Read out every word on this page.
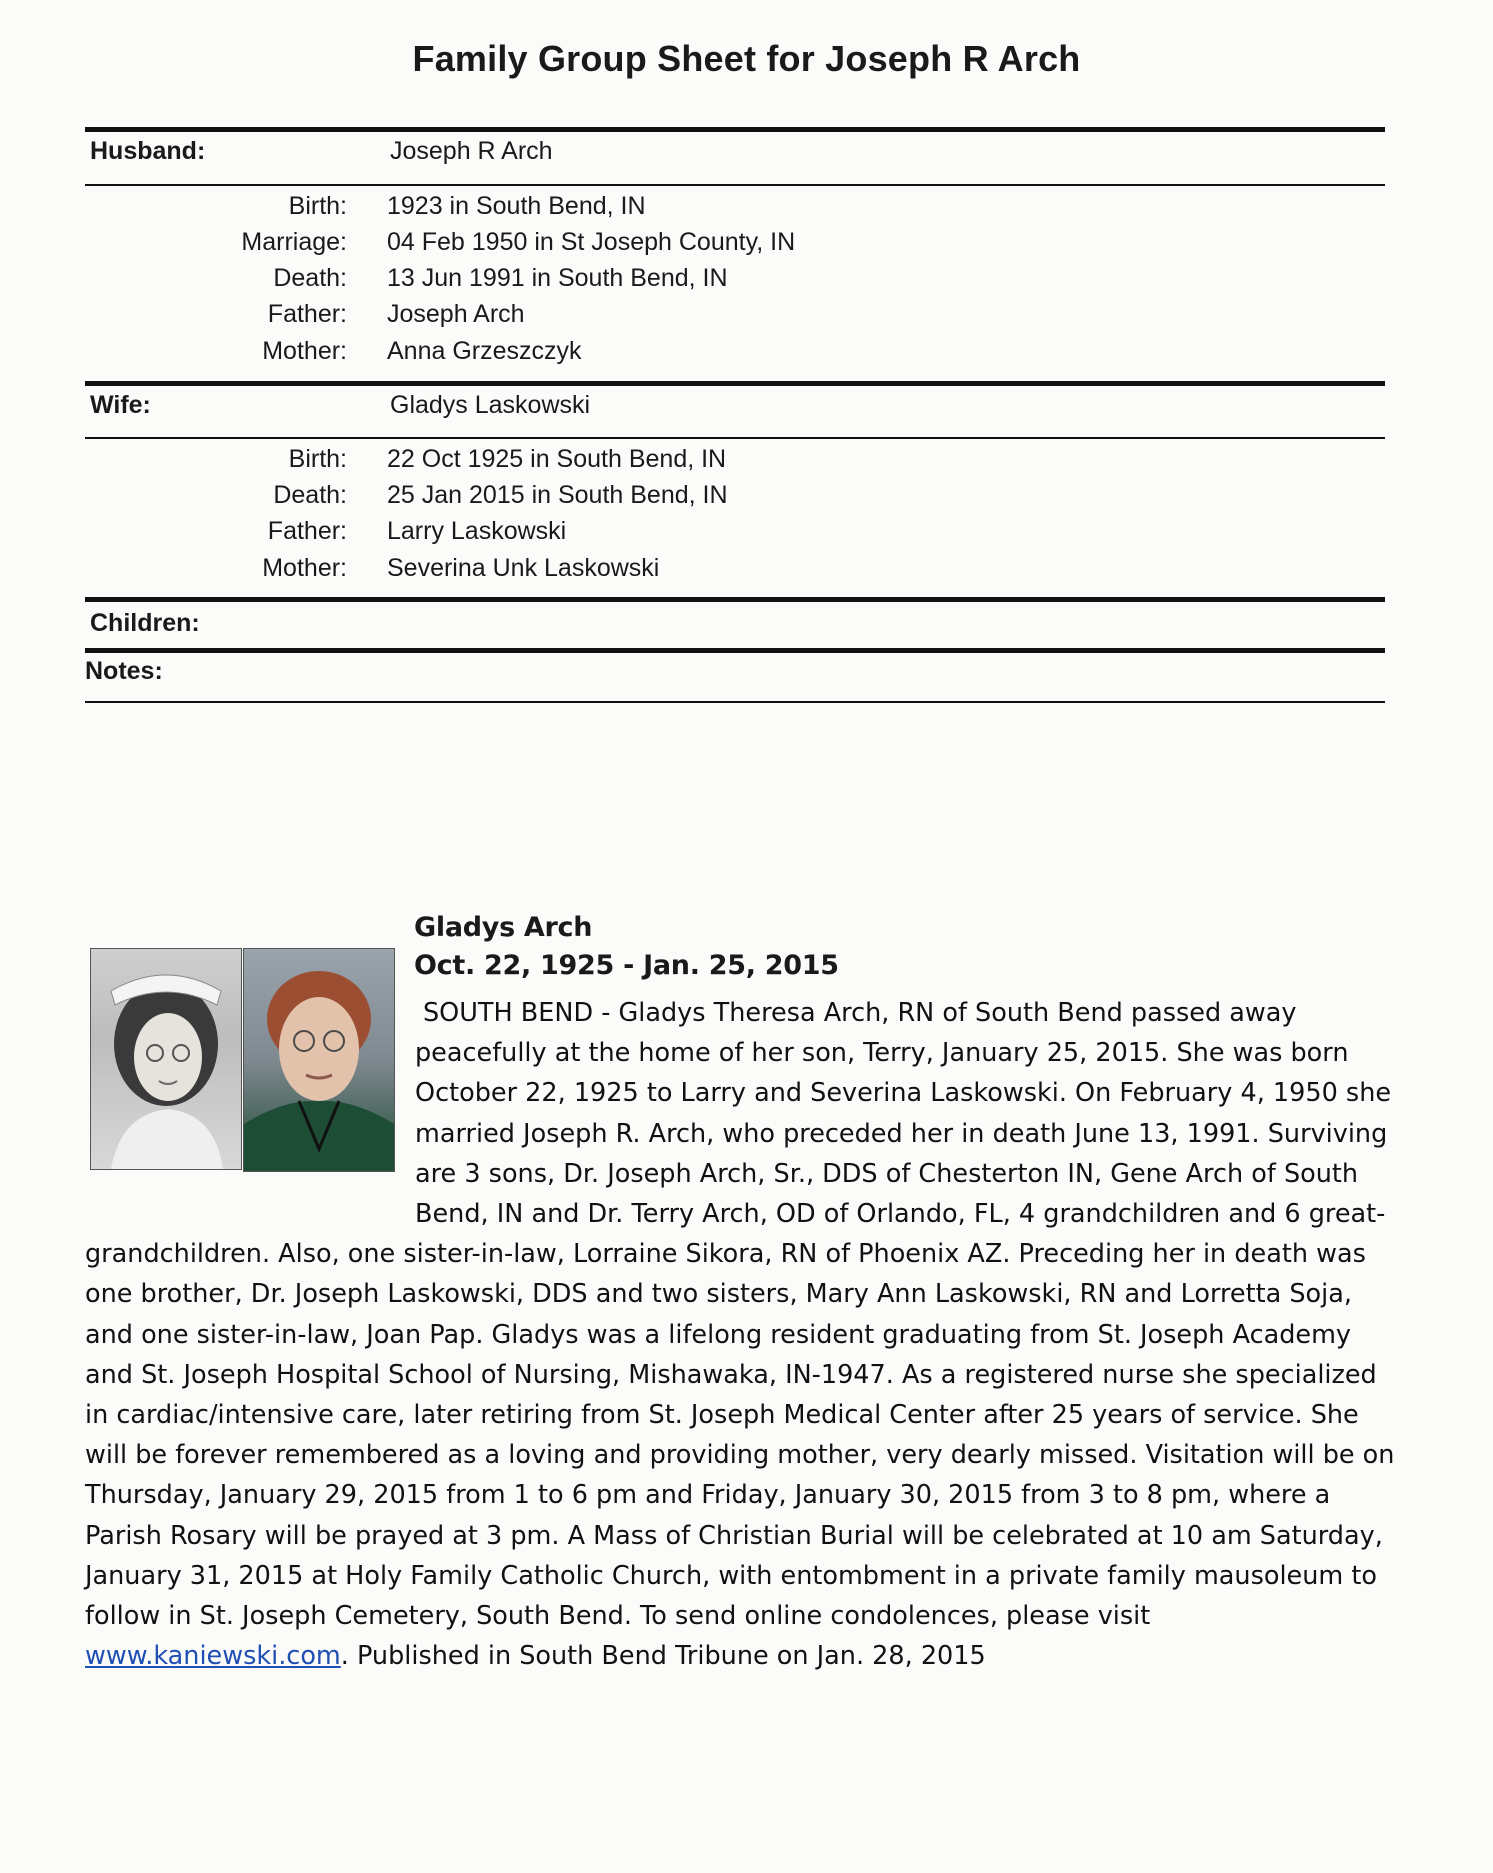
Family Group Sheet for Joseph R Arch
Husband:	Joseph R Arch
Birth: 1923 in South Bend, IN
Marriage: 04 Feb 1950 in St Joseph County, IN
Death: 13 Jun 1991 in South Bend, IN
Father: Joseph Arch
Mother: Anna Grzeszczyk
Wife:	Gladys Laskowski
Birth: 22 Oct 1925 in South Bend, IN
Death: 25 Jan 2015 in South Bend, IN
Father: Larry Laskowski
Mother: Severina Unk Laskowski
Children:
Notes:
Gladys Arch
Oct. 22, 1925 - Jan. 25, 2015
SOUTH BEND - Gladys Theresa Arch, RN of South Bend passed away peacefully at the home of her son, Terry, January 25, 2015. She was born October 22, 1925 to Larry and Severina Laskowski. On February 4, 1950 she married Joseph R. Arch, who preceded her in death June 13, 1991. Surviving are 3 sons, Dr. Joseph Arch, Sr., DDS of Chesterton IN, Gene Arch of South Bend, IN and Dr. Terry Arch, OD of Orlando, FL, 4 grandchildren and 6 great-grandchildren. Also, one sister-in-law, Lorraine Sikora, RN of Phoenix AZ. Preceding her in death was one brother, Dr. Joseph Laskowski, DDS and two sisters, Mary Ann Laskowski, RN and Lorretta Soja, and one sister-in-law, Joan Pap. Gladys was a lifelong resident graduating from St. Joseph Academy and St. Joseph Hospital School of Nursing, Mishawaka, IN-1947. As a registered nurse she specialized in cardiac/intensive care, later retiring from St. Joseph Medical Center after 25 years of service. She will be forever remembered as a loving and providing mother, very dearly missed. Visitation will be on Thursday, January 29, 2015 from 1 to 6 pm and Friday, January 30, 2015 from 3 to 8 pm, where a Parish Rosary will be prayed at 3 pm. A Mass of Christian Burial will be celebrated at 10 am Saturday, January 31, 2015 at Holy Family Catholic Church, with entombment in a private family mausoleum to follow in St. Joseph Cemetery, South Bend. To send online condolences, please visit www.kaniewski.com. Published in South Bend Tribune on Jan. 28, 2015
